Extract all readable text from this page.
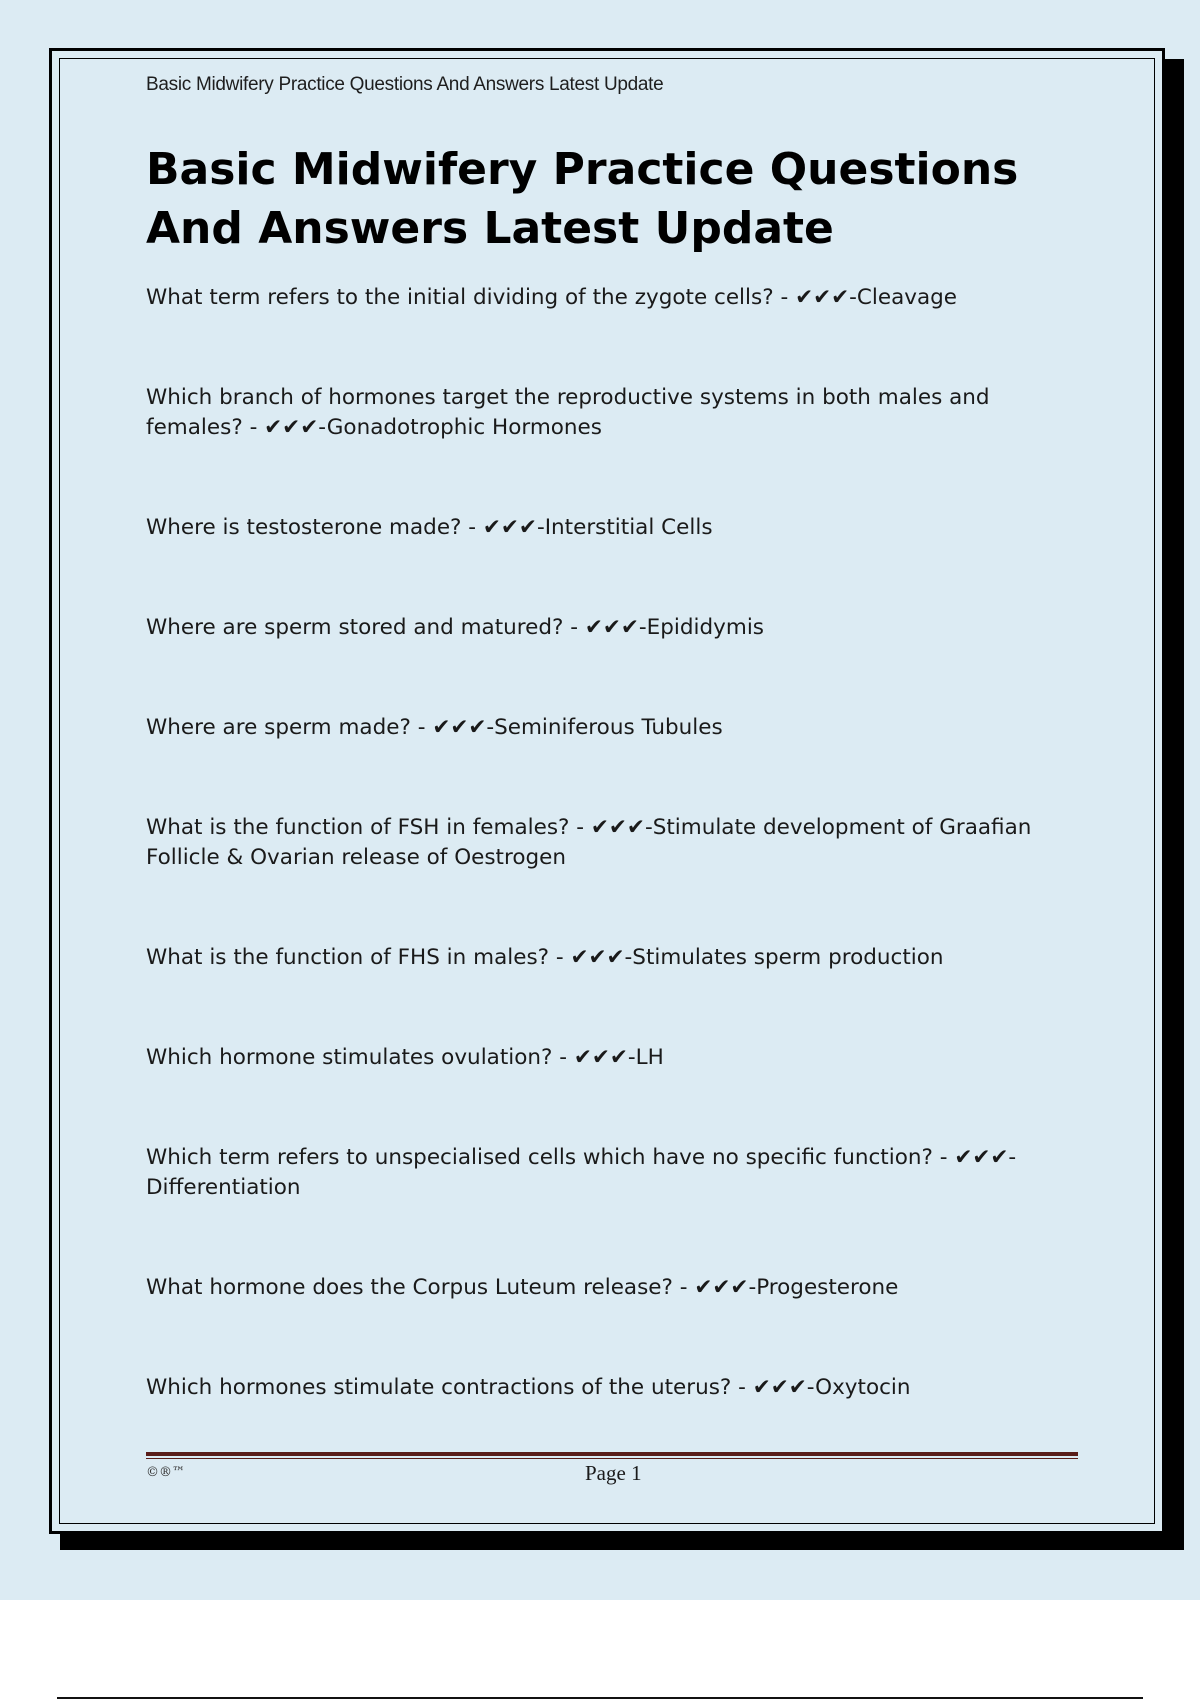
Basic Midwifery Practice Questions And Answers Latest Update
Basic Midwifery Practice Questions And Answers Latest Update
What term refers to the initial dividing of the zygote cells? - ✔✔✔-Cleavage
Which branch of hormones target the reproductive systems in both males and females? - ✔✔✔-Gonadotrophic Hormones
Where is testosterone made? - ✔✔✔-Interstitial Cells
Where are sperm stored and matured? - ✔✔✔-Epididymis
Where are sperm made? - ✔✔✔-Seminiferous Tubules
What is the function of FSH in females? - ✔✔✔-Stimulate development of Graafian Follicle & Ovarian release of Oestrogen
What is the function of FHS in males? - ✔✔✔-Stimulates sperm production
Which hormone stimulates ovulation? - ✔✔✔-LH
Which term refers to unspecialised cells which have no specific function? - ✔✔✔-Differentiation
What hormone does the Corpus Luteum release? - ✔✔✔-Progesterone
Which hormones stimulate contractions of the uterus? - ✔✔✔-Oxytocin
©®™	Page 1
